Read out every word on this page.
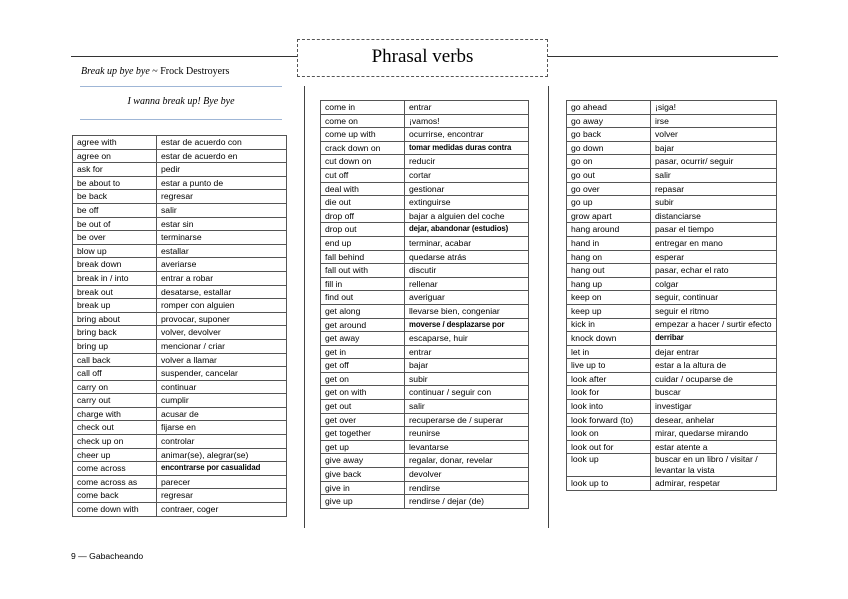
Phrasal verbs
Break up bye bye ~ Frock Destroyers
I wanna break up! Bye bye
agree with	estar de acuerdo con
agree on	estar de acuerdo en
ask for	pedir
be about to	estar a punto de
be back	regresar
be off	salir
be out of	estar sin
be over	terminarse
blow up	estallar
break down	averiarse
break in / into	entrar a robar
break out	desatarse, estallar
break up	romper con alguien
bring about	provocar, suponer
bring back	volver, devolver
bring up	mencionar / criar
call back	volver a llamar
call off	suspender, cancelar
carry on	continuar
carry out	cumplir
charge with	acusar de
check out	fijarse en
check up on	controlar
cheer up	animar(se), alegrar(se)
come across	encontrarse por casualidad
come across as	parecer
come back	regresar
come down with	contraer, coger
come in	entrar
come on	¡vamos!
come up with	ocurrirse, encontrar
crack down on	tomar medidas duras contra
cut down on	reducir
cut off	cortar
deal with	gestionar
die out	extinguirse
drop off	bajar a alguien del coche
drop out	dejar, abandonar (estudios)
end up	terminar, acabar
fall behind	quedarse atrás
fall out with	discutir
fill in	rellenar
find out	averiguar
get along	llevarse bien, congeniar
get around	moverse / desplazarse por
get away	escaparse, huir
get in	entrar
get off	bajar
get on	subir
get on with	continuar / seguir con
get out	salir
get over	recuperarse de / superar
get together	reunirse
get up	levantarse
give away	regalar, donar, revelar
give back	devolver
give in	rendirse
give up	rendirse / dejar (de)
go ahead	¡siga!
go away	irse
go back	volver
go down	bajar
go on	pasar, ocurrir/ seguir
go out	salir
go over	repasar
go up	subir
grow apart	distanciarse
hang around	pasar el tiempo
hand in	entregar en mano
hang on	esperar
hang out	pasar, echar el rato
hang up	colgar
keep on	seguir, continuar
keep up	seguir el ritmo
kick in	empezar a hacer / surtir efecto
knock down	derribar
let in	dejar entrar
live up to	estar a la altura de
look after	cuidar / ocuparse de
look for	buscar
look into	investigar
look forward (to)	desear, anhelar
look on	mirar, quedarse mirando
look out for	estar atente a
look up	buscar en un libro / visitar / levantar la vista
look up to	admirar, respetar
9 — Gabacheando
